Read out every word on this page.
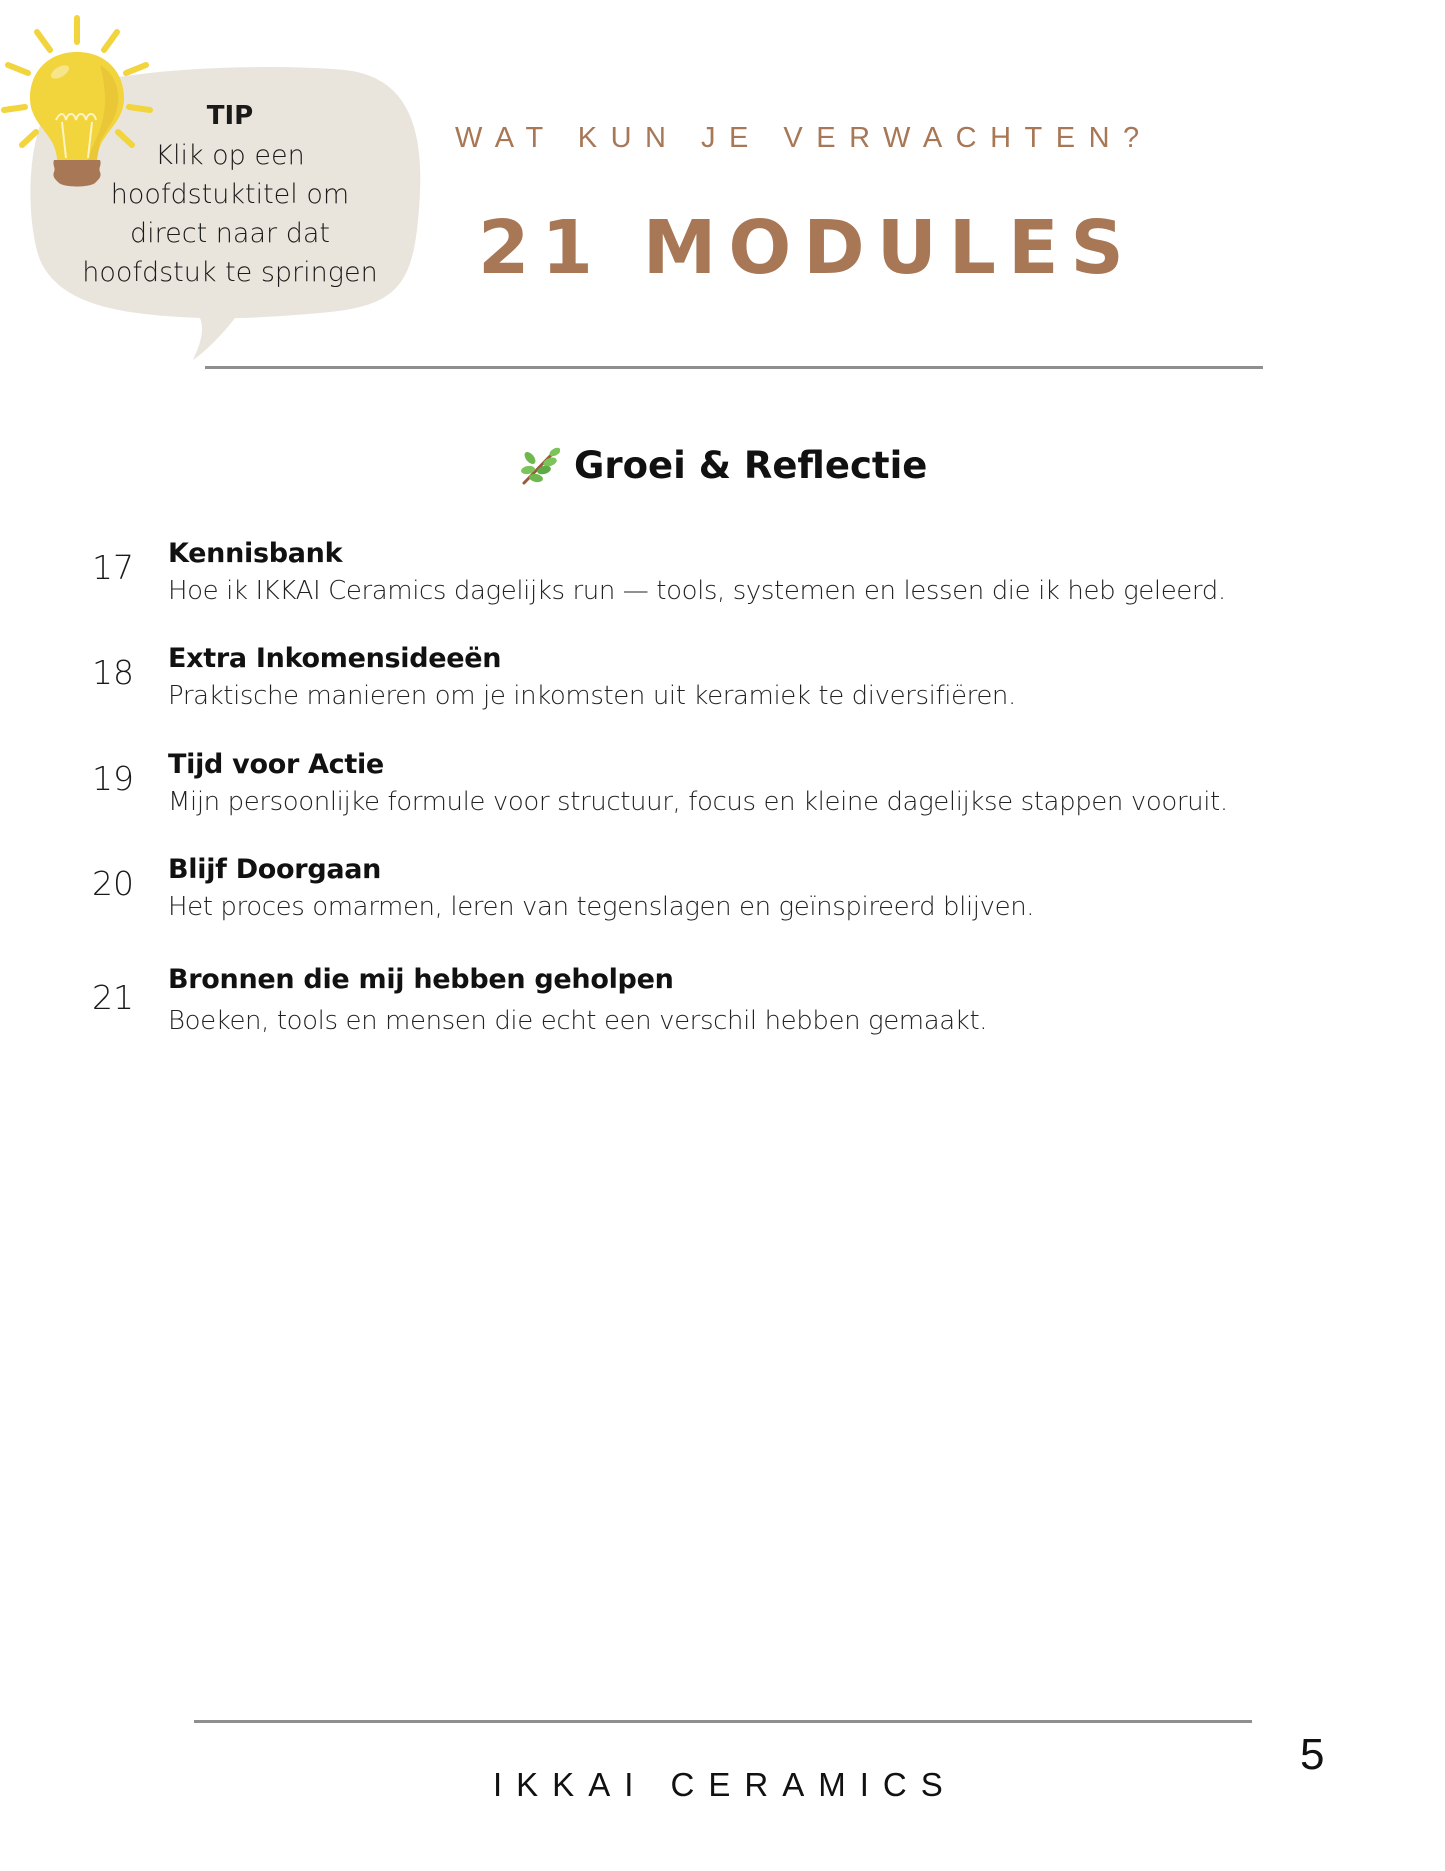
TIP
Klik op een
hoofdstuktitel om
direct naar dat
hoofdstuk te springen
WAT KUN JE VERWACHTEN?
21 MODULES
Groei & Reflectie
17 Kennisbank
Hoe ik IKKAI Ceramics dagelijks run — tools, systemen en lessen die ik heb geleerd.
18 Extra Inkomensideeën
Praktische manieren om je inkomsten uit keramiek te diversifiëren.
19 Tijd voor Actie
Mijn persoonlijke formule voor structuur, focus en kleine dagelijkse stappen vooruit.
20 Blijf Doorgaan
Het proces omarmen, leren van tegenslagen en geïnspireerd blijven.
21 Bronnen die mij hebben geholpen
Boeken, tools en mensen die echt een verschil hebben gemaakt.
IKKAI CERAMICS
5
